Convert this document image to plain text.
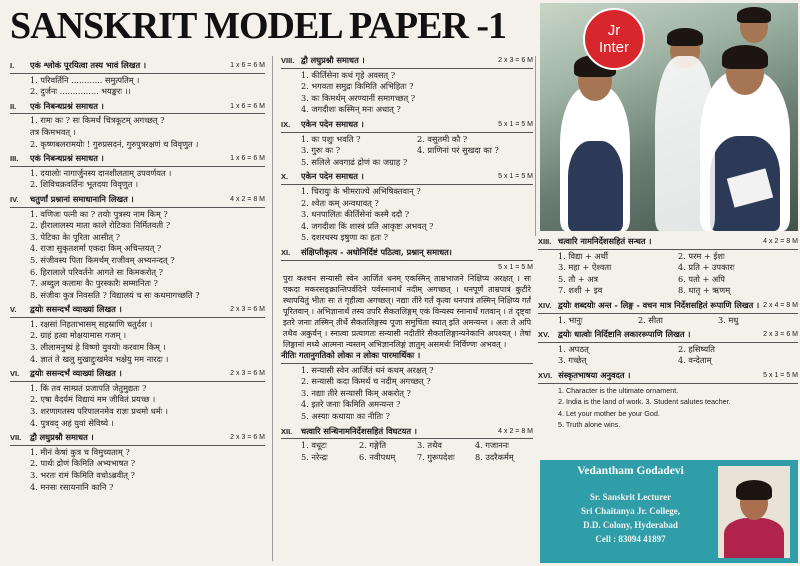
SANSKRIT MODEL PAPER -1
I.	एकं श्लोकं पूरयित्वा तस्य भावं लिखत ।	1 x 6 = 6 M
1. परिवर्तिनि ............ समुत्पतिम् ।
2. दुर्जनः ............... भयङ्करः ।।
II.	एकं निबन्धप्रश्नं समाधत ।	1 x 6 = 6 M
1. रामः कः ? सः किमर्थं चित्रकूटम् अगच्छत् ?
तत्र किमभवत् ।
2. कृष्णबलरामयोः ! गुरुप्रसदनं, गुरुपुत्ररक्षणं च विवृणुत ।
III.	एकं निबन्धप्रश्नं समाधत ।	1 x 6 = 6 M
1. दयालोः नागार्जुनस्य दानशीलताम् उपवर्णयत ।
2. शिविचक्रवर्तिनः भूतदया विवृणुत ।
IV.	चतुर्णां प्रश्नानां समाधानानि लिखत ।	4 x 2 = 8 M
1. वणिजः पत्नी का ? तयोः पुत्रस्य नाम किम् ?
2. हीरालालस्य माता काले रोटिकाः निर्मितवती ?
3. पेटिका केः पूरिता आसीत् ?
4. राजा सुकृतशर्मा एकदा किम् अचिन्तयत् ?
5. संजीवस्य पिता किमर्थम् राजीवम् अभ्यनन्दत् ?
6. हिरालाले परिवर्तनेः आगते सः किमकरोत् ?
7. अब्दुल कलामः कैः पुरस्कारैः सम्मानितः ?
8. संजीवः कुत्र निवसति ? विद्यालयं च सः कथमागच्छति ?
V.	द्वयोः ससन्दर्भं व्याख्यां लिखत ।	2 x 3 = 6 M
1. रक्षसां निहताभासम् सहस्राणि चतुर्दश ।
2. ग्राहं हत्वा मोक्षयामास गजम् ।
3. लीलामनुष्यं हे विष्णो युवयोः करवाम किम् ।
4. ज्ञातं ते खलु मुखाद्दुःखमेव भक्षेयु मम नारदः ।
VI.	द्वयोः ससन्दर्भं व्याख्यां लिखत ।	2 x 3 = 6 M
1. किं तव साम्प्रतं प्रजापति जेतुमुद्यतः ?
2. एषा वैदर्यमं विद्यायं मम जीवितं प्रयच्छ ।
3. शरणागतस्य परिपालनमेव राज्ञः प्रथमो धर्मः ।
4. पुत्रवद् अहं युवां सेविष्ये ।
VII.	द्वौ लघुप्रश्नौ समाधत ।	2 x 3 = 6 M
1. मीनं केषां कुत्र च विमुच्यताम् ?
2. पार्थः द्रोणं किमिति अभ्यभाषत ?
3. भरतः रामं किमिति वचोऽब्रवीत् ?
4. मनसः रसायनानि कानि ?
VIII. द्वौ लघुप्रश्नौ समाधत ।	2 x 3 = 6 M
1. कीर्तिसेना कथं गृहे अवसत् ?
2. भगवता समुद्रः किमिति अभिहितः ?
3. कः किमर्थम् अरण्यानीं समागच्छत् ?
4. जगदीशः कस्मिन् मनः अधात् ?
IX.	एकेन पदेन समाधत ।	5 x 1 = 5 M
1. कः पशुः भवति ?	2. वसुतमी कौ ?
3. गुरुः कः ?	4. प्राणिनां परं सुखदा का ?
5. सलिले अवगाढं द्रोणं कः जग्राह ?
X.	एकेन पदेन समाधत ।	5 x 1 = 5 M
1. चिरायुः के भीमराज्ये अभिषिक्तवान् ?
2. श्वेतः कम् अन्वधावत् ?
3. धनपालितः कीर्तिसेनां कस्मै ददौ ?
4. जगदीशः किं शास्त्रं प्रति आकृष्टः अभवत् ?
5. दशरथस्य इषुणा कः हतः ?
XI.	संक्षिप्तीकृत्य - अधोनिर्दिष्टं पठित्वा, प्रश्नान् समाधत।
5 x 1 = 5 M
पुरा कश्चन सन्यासी स्वेन आर्जितं धनम् एकस्मिन् ताम्रभाजने निक्षिप्य अरक्षत् । सः एकदा मकरसङ्क्रान्तिपर्वदिने पर्वस्नानार्थं नदीम् अगच्छत् । धनपूर्णं ताम्रपात्रं कुटीरे स्थापयितुं भीतः सः तं गृहीत्वा अगच्छत्। नद्याः तीरे गर्तं कृत्वा धनपात्रं तस्मिन् निक्षिप्य गर्तं पूरितवान् । अभिज्ञानार्थं तस्य उपरि सैकतलिङ्गम् एकं विन्यस्य स्नानार्थं गतवान् । तं दृष्ट्वा इतरे जनाः तस्मिन् तीर्थे सैकतलिङ्गस्य पूजा समुचिता स्यात् इति अमन्यन्त । अतः ते अपि तथैव अकुर्वन् । स्नात्वा प्रत्यागतः सन्यासी नदीतीरे सैकतलिङ्गान्यनेकानि अपश्यत् । तेषां लिङ्गानां मध्ये आत्मना न्यस्तम् अभिज्ञानलिङ्गं ज्ञातुम् असमर्थः निर्विण्णः अभवत् ।
नीतिः गतानुगतिको लोकः न लोकः पारमार्थिकः ।
1. सन्यासी स्वेन आर्जितं धनं कथम् अरक्षत् ?
2. सन्यासी कदा किमर्थं च नदीम् अगच्छत् ?
3. नद्याः तीरे सन्यासी किम् अकरोत् ?
4. इतरे जनाः किमिति अमन्यन्त ?
5. अस्याः कथायाः का नीतिः ?
XII.	चत्वारि सन्धिनामनिर्देशसहितं विघटयत ।	4 x 2 = 8 M
1. वधूटः	2. गङ्गेति	3. तथैव	4. गजाननः
5. नरेन्द्रः	6. नवीपधम्	7. गुरूपदेशः	8. उदरैकर्मम्
XIII. चत्वारि नामनिर्देशसहितं सन्धत ।	4 x 2 = 8 M
1. विद्या + अर्थी	2. परम + ईशः
3. महा + ऐश्वता	4. प्रति + उपकारः
5. तौ + अत्र	6. पतो + अपि
7. शशी + इव	8. धातृ + ऋणम्
XIV. द्वयोः शब्दयोः अन्त - लिङ्ग - वचन मात्र निर्देशसहितं रूपाणि लिखत । 2 x 4 = 8 M
1. भानुः	2. सीता	3. मधु
XV.	द्वयोः धात्वोः निर्दिष्टानि लकाररूपाणि लिखत ।	2 x 3 = 6 M
1. अपठत्	2. हसिष्यति
3. गच्छेत्	4. वन्देताम्
XVI. संस्कृतभाषया अनुवदत ।	5 x 1 = 5 M
1. Character is the ultimate ornament.
2. India is the land of work. 3. Student salutes teacher.
4. Let your mother be your God.
5. Truth alone wins.
Jr
Inter
Vedantham Godadevi
Sr. Sanskrit Lecturer
Sri Chaitanya Jr. College,
D.D. Colony, Hyderabad
Cell : 83094 41897
